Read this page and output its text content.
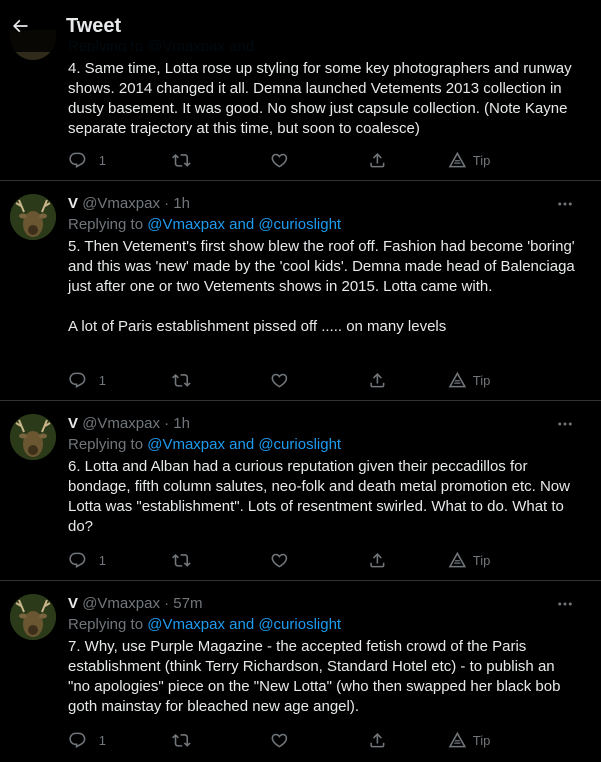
Tweet
4. Same time, Lotta rose up styling for some key photographers and runway shows. 2014 changed it all. Demna launched Vetements 2013 collection in dusty basement. It was good. No show just capsule collection. (Note Kayne separate trajectory at this time, but soon to coalesce)
1	Tip
V @Vmaxpax · 1h
Replying to @Vmaxpax and @curioslight
5. Then Vetement's first show blew the roof off. Fashion had become 'boring' and this was 'new' made by the 'cool kids'. Demna made head of Balenciaga just after one or two Vetements shows in 2015. Lotta came with.

A lot of Paris establishment pissed off ..... on many levels
1	Tip
V @Vmaxpax · 1h
Replying to @Vmaxpax and @curioslight
6. Lotta and Alban had a curious reputation given their peccadillos for bondage, fifth column salutes, neo-folk and death metal promotion etc. Now Lotta was "establishment". Lots of resentment swirled. What to do. What to do?
1	Tip
V @Vmaxpax · 57m
Replying to @Vmaxpax and @curioslight
7. Why, use Purple Magazine - the accepted fetish crowd of the Paris establishment (think Terry Richardson, Standard Hotel etc) - to publish an "no apologies" piece on the "New Lotta" (who then swapped her black bob goth mainstay for bleached new age angel).
1	Tip
